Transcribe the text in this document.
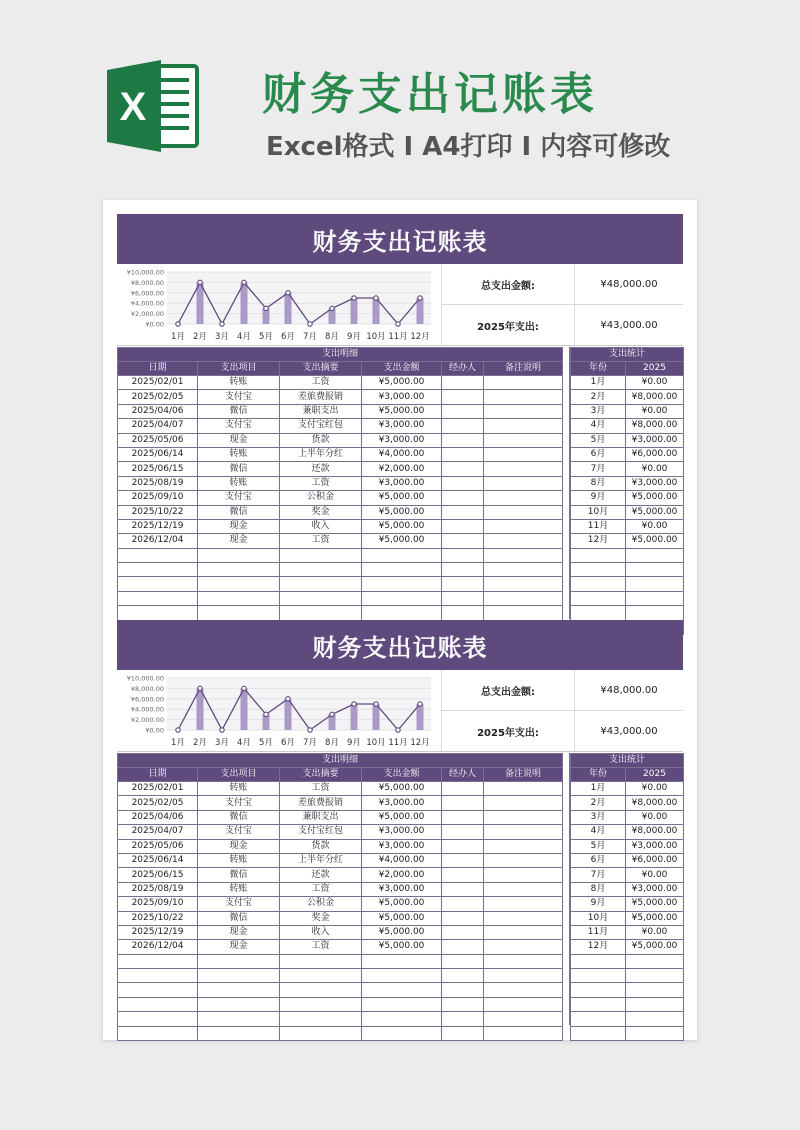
X	财务支出记账表
Excel格式 I A4打印 I 内容可修改
财务支出记账表
¥0.00
¥2,000.00
¥4,000.00
¥6,000.00
¥8,000.00
¥10,000.00
1月 2月 3月 4月 5月 6月 7月 8月 9月 10月 11月 12月
总支出金额:	¥48,000.00
2025年支出:	¥43,000.00
支出明细					
日期	支出项目	支出摘要	支出金额	经办人	备注说明
2025/02/01	转账	工资	¥5,000.00		
2025/02/05	支付宝	差旅费报销	¥3,000.00		
2025/04/06	微信	兼职支出	¥5,000.00		
2025/04/07	支付宝	支付宝红包	¥3,000.00		
2025/05/06	现金	货款	¥3,000.00		
2025/06/14	转账	上半年分红	¥4,000.00		
2025/06/15	微信	还款	¥2,000.00		
2025/08/19	转账	工资	¥3,000.00		
2025/09/10	支付宝	公积金	¥5,000.00		
2025/10/22	微信	奖金	¥5,000.00		
2025/12/19	现金	收入	¥5,000.00		
2026/12/04	现金	工资	¥5,000.00		

支出统计	
年份	2025
1月	¥0.00
2月	¥8,000.00
3月	¥0.00
4月	¥8,000.00
5月	¥3,000.00
6月	¥6,000.00
7月	¥0.00
8月	¥3,000.00
9月	¥5,000.00
10月	¥5,000.00
11月	¥0.00
12月	¥5,000.00

财务支出记账表
¥0.00
¥2,000.00
¥4,000.00
¥6,000.00
¥8,000.00
¥10,000.00
1月 2月 3月 4月 5月 6月 7月 8月 9月 10月 11月 12月
总支出金额:	¥48,000.00
2025年支出:	¥43,000.00
支出明细					
日期	支出项目	支出摘要	支出金额	经办人	备注说明
2025/02/01	转账	工资	¥5,000.00		
2025/02/05	支付宝	差旅费报销	¥3,000.00		
2025/04/06	微信	兼职支出	¥5,000.00		
2025/04/07	支付宝	支付宝红包	¥3,000.00		
2025/05/06	现金	货款	¥3,000.00		
2025/06/14	转账	上半年分红	¥4,000.00		
2025/06/15	微信	还款	¥2,000.00		
2025/08/19	转账	工资	¥3,000.00		
2025/09/10	支付宝	公积金	¥5,000.00		
2025/10/22	微信	奖金	¥5,000.00		
2025/12/19	现金	收入	¥5,000.00		
2026/12/04	现金	工资	¥5,000.00		

支出统计	
年份	2025
1月	¥0.00
2月	¥8,000.00
3月	¥0.00
4月	¥8,000.00
5月	¥3,000.00
6月	¥6,000.00
7月	¥0.00
8月	¥3,000.00
9月	¥5,000.00
10月	¥5,000.00
11月	¥0.00
12月	¥5,000.00
